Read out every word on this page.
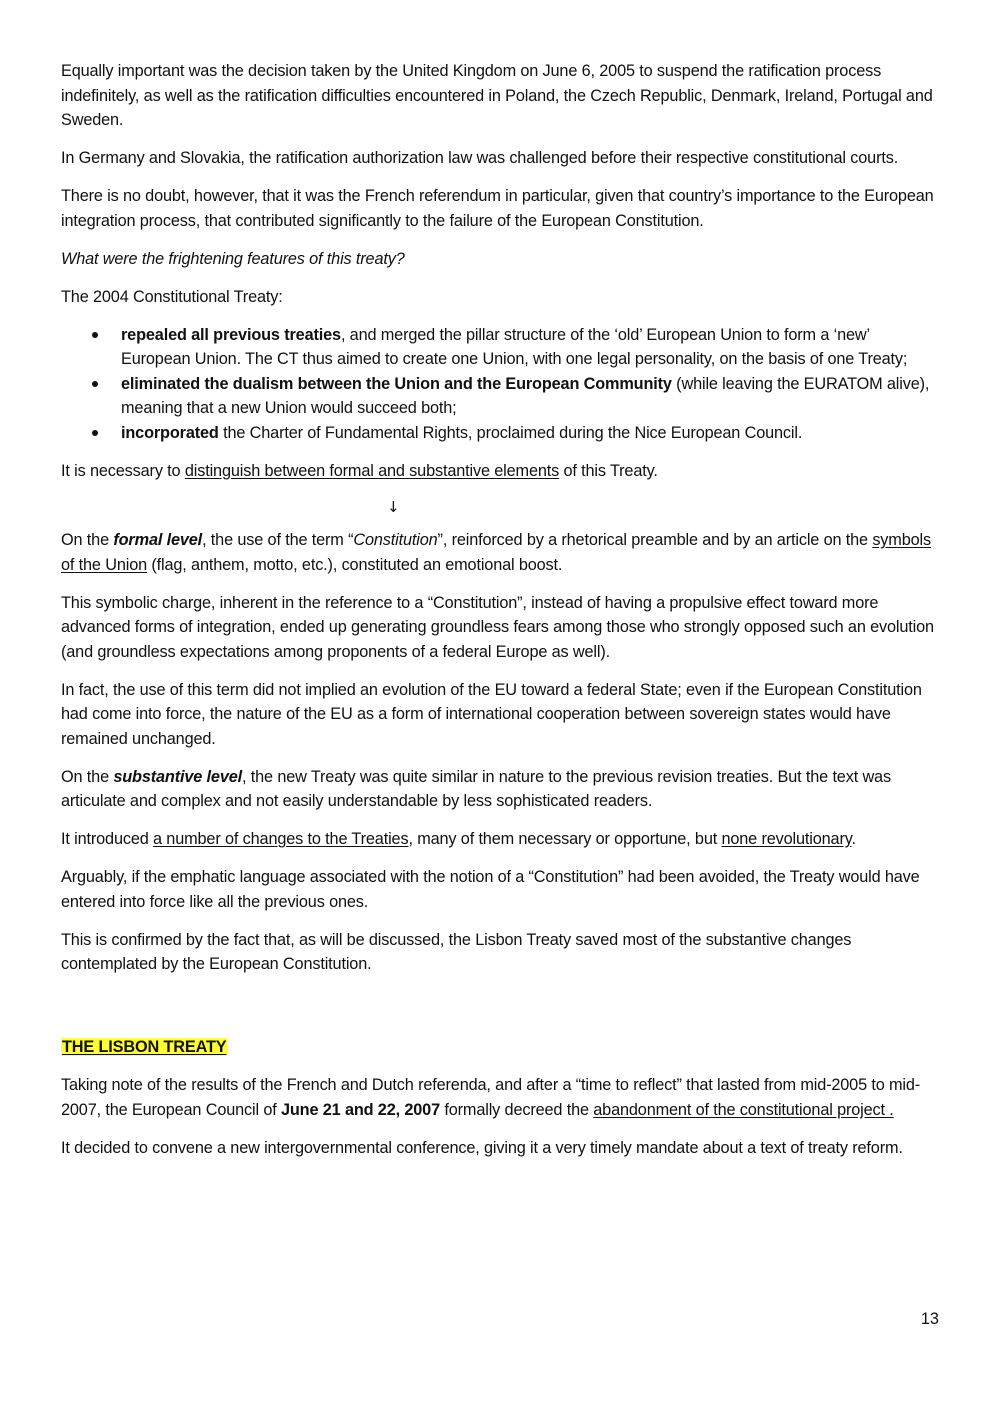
Equally important was the decision taken by the United Kingdom on June 6, 2005 to suspend the ratification process indefinitely, as well as the ratification difficulties encountered in Poland, the Czech Republic, Denmark, Ireland, Portugal and Sweden.

In Germany and Slovakia, the ratification authorization law was challenged before their respective constitutional courts.

There is no doubt, however, that it was the French referendum in particular, given that country’s importance to the European integration process, that contributed significantly to the failure of the European Constitution.

What were the frightening features of this treaty?

The 2004 Constitutional Treaty:

repealed all previous treaties, and merged the pillar structure of the ‘old’ European Union to form a ‘new’ European Union. The CT thus aimed to create one Union, with one legal personality, on the basis of one Treaty;
eliminated the dualism between the Union and the European Community (while leaving the EURATOM alive), meaning that a new Union would succeed both;
incorporated the Charter of Fundamental Rights, proclaimed during the Nice European Council.

It is necessary to distinguish between formal and substantive elements of this Treaty.

↓

On the formal level, the use of the term “Constitution”, reinforced by a rhetorical preamble and by an article on the symbols of the Union (flag, anthem, motto, etc.), constituted an emotional boost.

This symbolic charge, inherent in the reference to a “Constitution”, instead of having a propulsive effect toward more advanced forms of integration, ended up generating groundless fears among those who strongly opposed such an evolution (and groundless expectations among proponents of a federal Europe as well).

In fact, the use of this term did not implied an evolution of the EU toward a federal State; even if the European Constitution had come into force, the nature of the EU as a form of international cooperation between sovereign states would have remained unchanged.

On the substantive level, the new Treaty was quite similar in nature to the previous revision treaties. But the text was articulate and complex and not easily understandable by less sophisticated readers.

It introduced a number of changes to the Treaties, many of them necessary or opportune, but none revolutionary.

Arguably, if the emphatic language associated with the notion of a “Constitution” had been avoided, the Treaty would have entered into force like all the previous ones.

This is confirmed by the fact that, as will be discussed, the Lisbon Treaty saved most of the substantive changes contemplated by the European Constitution.

THE LISBON TREATY

Taking note of the results of the French and Dutch referenda, and after a “time to reflect” that lasted from mid-2005 to mid-2007, the European Council of June 21 and 22, 2007 formally decreed the abandonment of the constitutional project .

It decided to convene a new intergovernmental conference, giving it a very timely mandate about a text of treaty reform.

13
